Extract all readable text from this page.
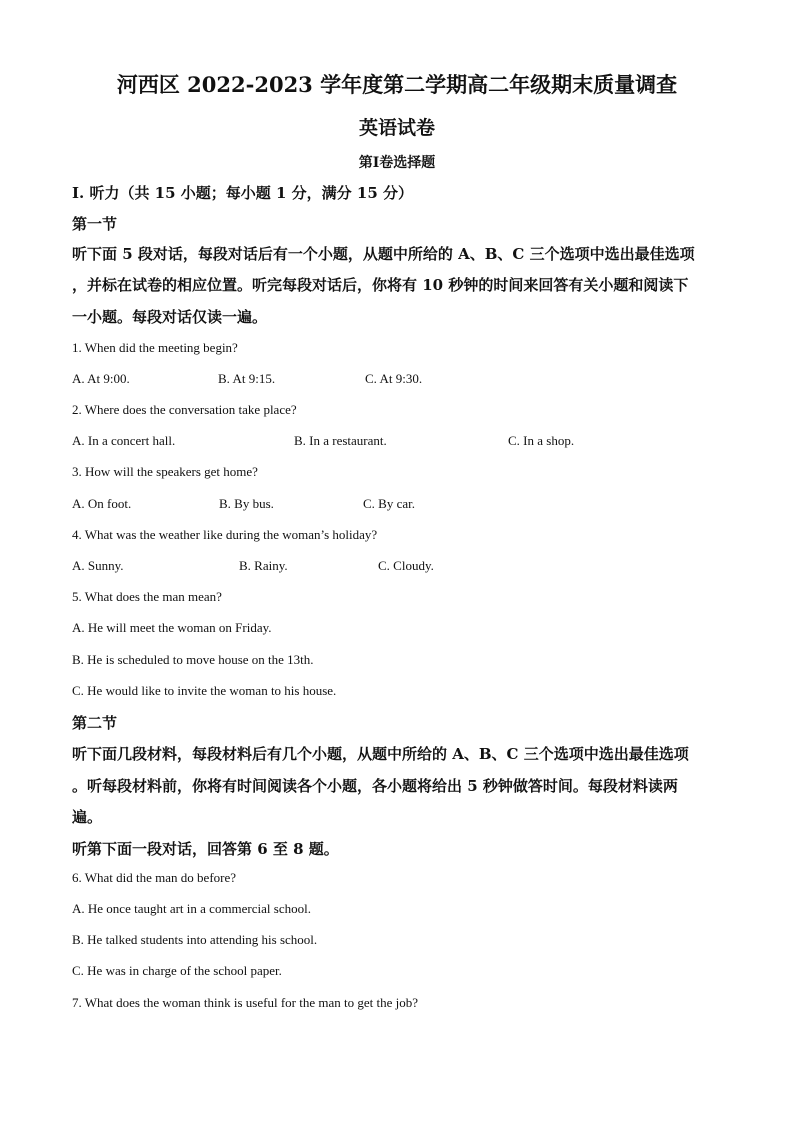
河西区 2022-2023 学年度第二学期高二年级期末质量调查
英语试卷
第Ⅰ卷选择题
Ⅰ. 听力（共 15 小题；每小题 1 分，满分 15 分）
第一节
听下面 5 段对话，每段对话后有一个小题，从题中所给的 A、B、C 三个选项中选出最佳选项
，并标在试卷的相应位置。听完每段对话后，你将有 10 秒钟的时间来回答有关小题和阅读下
一小题。每段对话仅读一遍。
1. When did the meeting begin?
A. At 9:00.	B. At 9:15.	C. At 9:30.
2. Where does the conversation take place?
A. In a concert hall.	B. In a restaurant.	C. In a shop.
3. How will the speakers get home?
A. On foot.	B. By bus.	C. By car.
4. What was the weather like during the woman’s holiday?
A. Sunny.	B. Rainy.	C. Cloudy.
5. What does the man mean?
A. He will meet the woman on Friday.
B. He is scheduled to move house on the 13th.
C. He would like to invite the woman to his house.
第二节
听下面几段材料，每段材料后有几个小题，从题中所给的 A、B、C 三个选项中选出最佳选项
。听每段材料前，你将有时间阅读各个小题，各小题将给出 5 秒钟做答时间。每段材料读两
遍。
听第下面一段对话，回答第 6 至 8 题。
6. What did the man do before?
A. He once taught art in a commercial school.
B. He talked students into attending his school.
C. He was in charge of the school paper.
7. What does the woman think is useful for the man to get the job?
